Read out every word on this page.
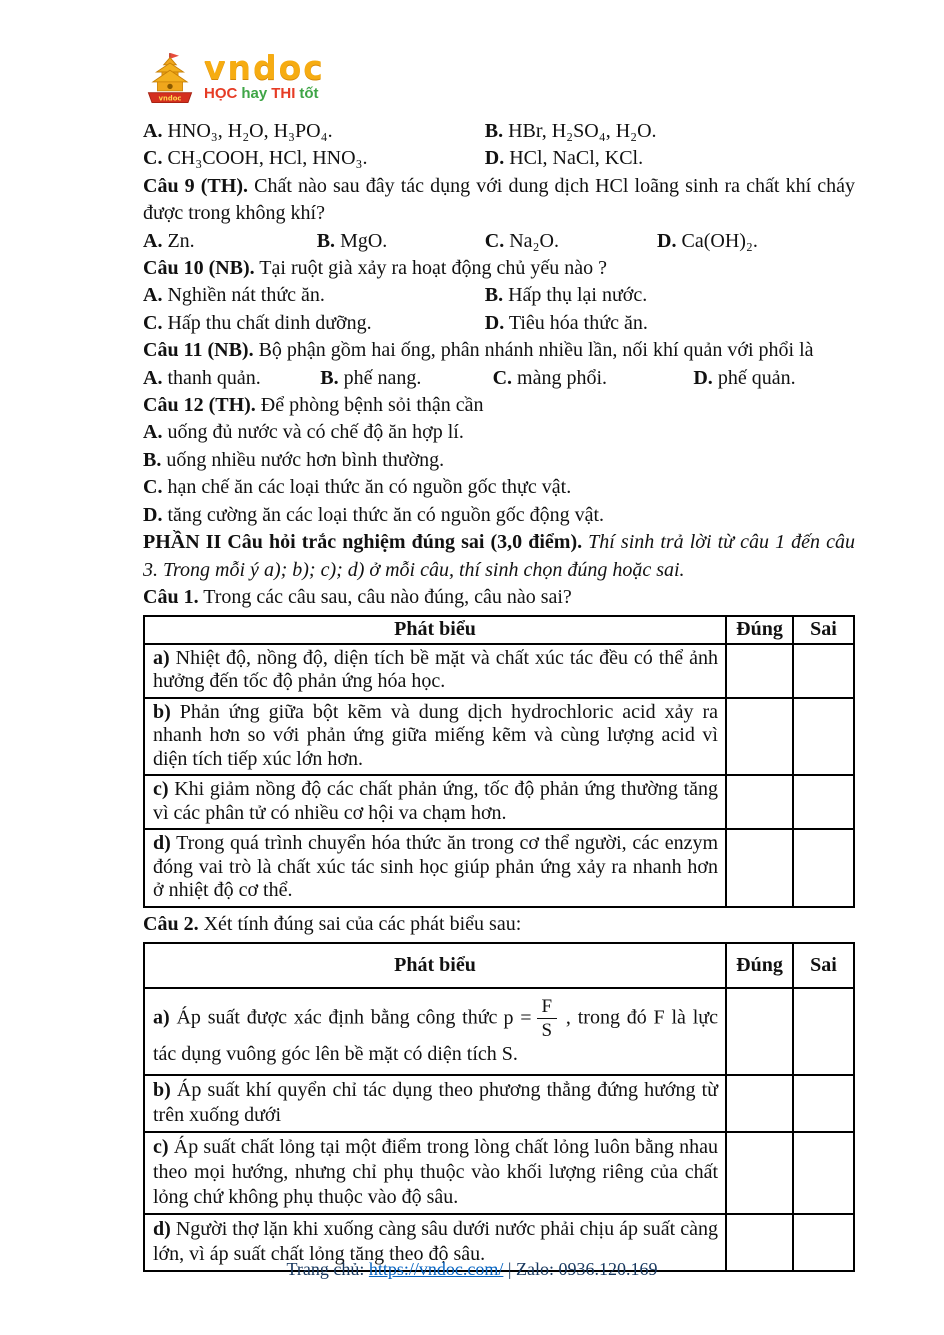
vndoc
vndoc
HỌC hay THI tốt
A. HNO₃, H₂O, H₃PO₄.	B. HBr, H₂SO₄, H₂O.
C. CH₃COOH, HCl, HNO₃.	D. HCl, NaCl, KCl.

Câu 9 (TH). Chất nào sau đây tác dụng với dung dịch HCl loãng sinh ra chất khí cháy được trong không khí?

A. Zn.	B. MgO.	C. Na₂O.	D. Ca(OH)₂.

Câu 10 (NB). Tại ruột già xảy ra hoạt động chủ yếu nào ?

A. Nghiền nát thức ăn.	B. Hấp thụ lại nước.
C. Hấp thu chất dinh dưỡng.	D. Tiêu hóa thức ăn.

Câu 11 (NB). Bộ phận gồm hai ống, phân nhánh nhiều lần, nối khí quản với phổi là

A. thanh quản.	B. phế nang.	C. màng phổi.	D. phế quản.

Câu 12 (TH). Để phòng bệnh sỏi thận cần

A. uống đủ nước và có chế độ ăn hợp lí.

B. uống nhiều nước hơn bình thường.

C. hạn chế ăn các loại thức ăn có nguồn gốc thực vật.

D. tăng cường ăn các loại thức ăn có nguồn gốc động vật.

PHẦN II Câu hỏi trắc nghiệm đúng sai (3,0 điểm). Thí sinh trả lời từ câu 1 đến câu 3. Trong mỗi ý a); b); c); d) ở mỗi câu, thí sinh chọn đúng hoặc sai.

Câu 1. Trong các câu sau, câu nào đúng, câu nào sai?

Phát biểu	Đúng	Sai
a) Nhiệt độ, nồng độ, diện tích bề mặt và chất xúc tác đều có thể ảnh hưởng đến tốc độ phản ứng hóa học.		
b) Phản ứng giữa bột kẽm và dung dịch hydrochloric acid xảy ra nhanh hơn so với phản ứng giữa miếng kẽm và cùng lượng acid vì diện tích tiếp xúc lớn hơn.		
c) Khi giảm nồng độ các chất phản ứng, tốc độ phản ứng thường tăng vì các phân tử có nhiều cơ hội va chạm hơn.		
d) Trong quá trình chuyển hóa thức ăn trong cơ thể người, các enzym đóng vai trò là chất xúc tác sinh học giúp phản ứng xảy ra nhanh hơn ở nhiệt độ cơ thể.		

Câu 2. Xét tính đúng sai của các phát biểu sau:

Phát biểu	Đúng	Sai
a) Áp suất được xác định bằng công thức $p = \frac{F}{S}$ , trong đó F là lực tác dụng vuông góc lên bề mặt có diện tích S.		
b) Áp suất khí quyển chỉ tác dụng theo phương thẳng đứng hướng từ trên xuống dưới		
c) Áp suất chất lỏng tại một điểm trong lòng chất lỏng luôn bằng nhau theo mọi hướng, nhưng chỉ phụ thuộc vào khối lượng riêng của chất lỏng chứ không phụ thuộc vào độ sâu.		
d) Người thợ lặn khi xuống càng sâu dưới nước phải chịu áp suất càng lớn, vì áp suất chất lỏng tăng theo độ sâu.		
Trang chủ: https://vndoc.com/ | Zalo: 0936.120.169
